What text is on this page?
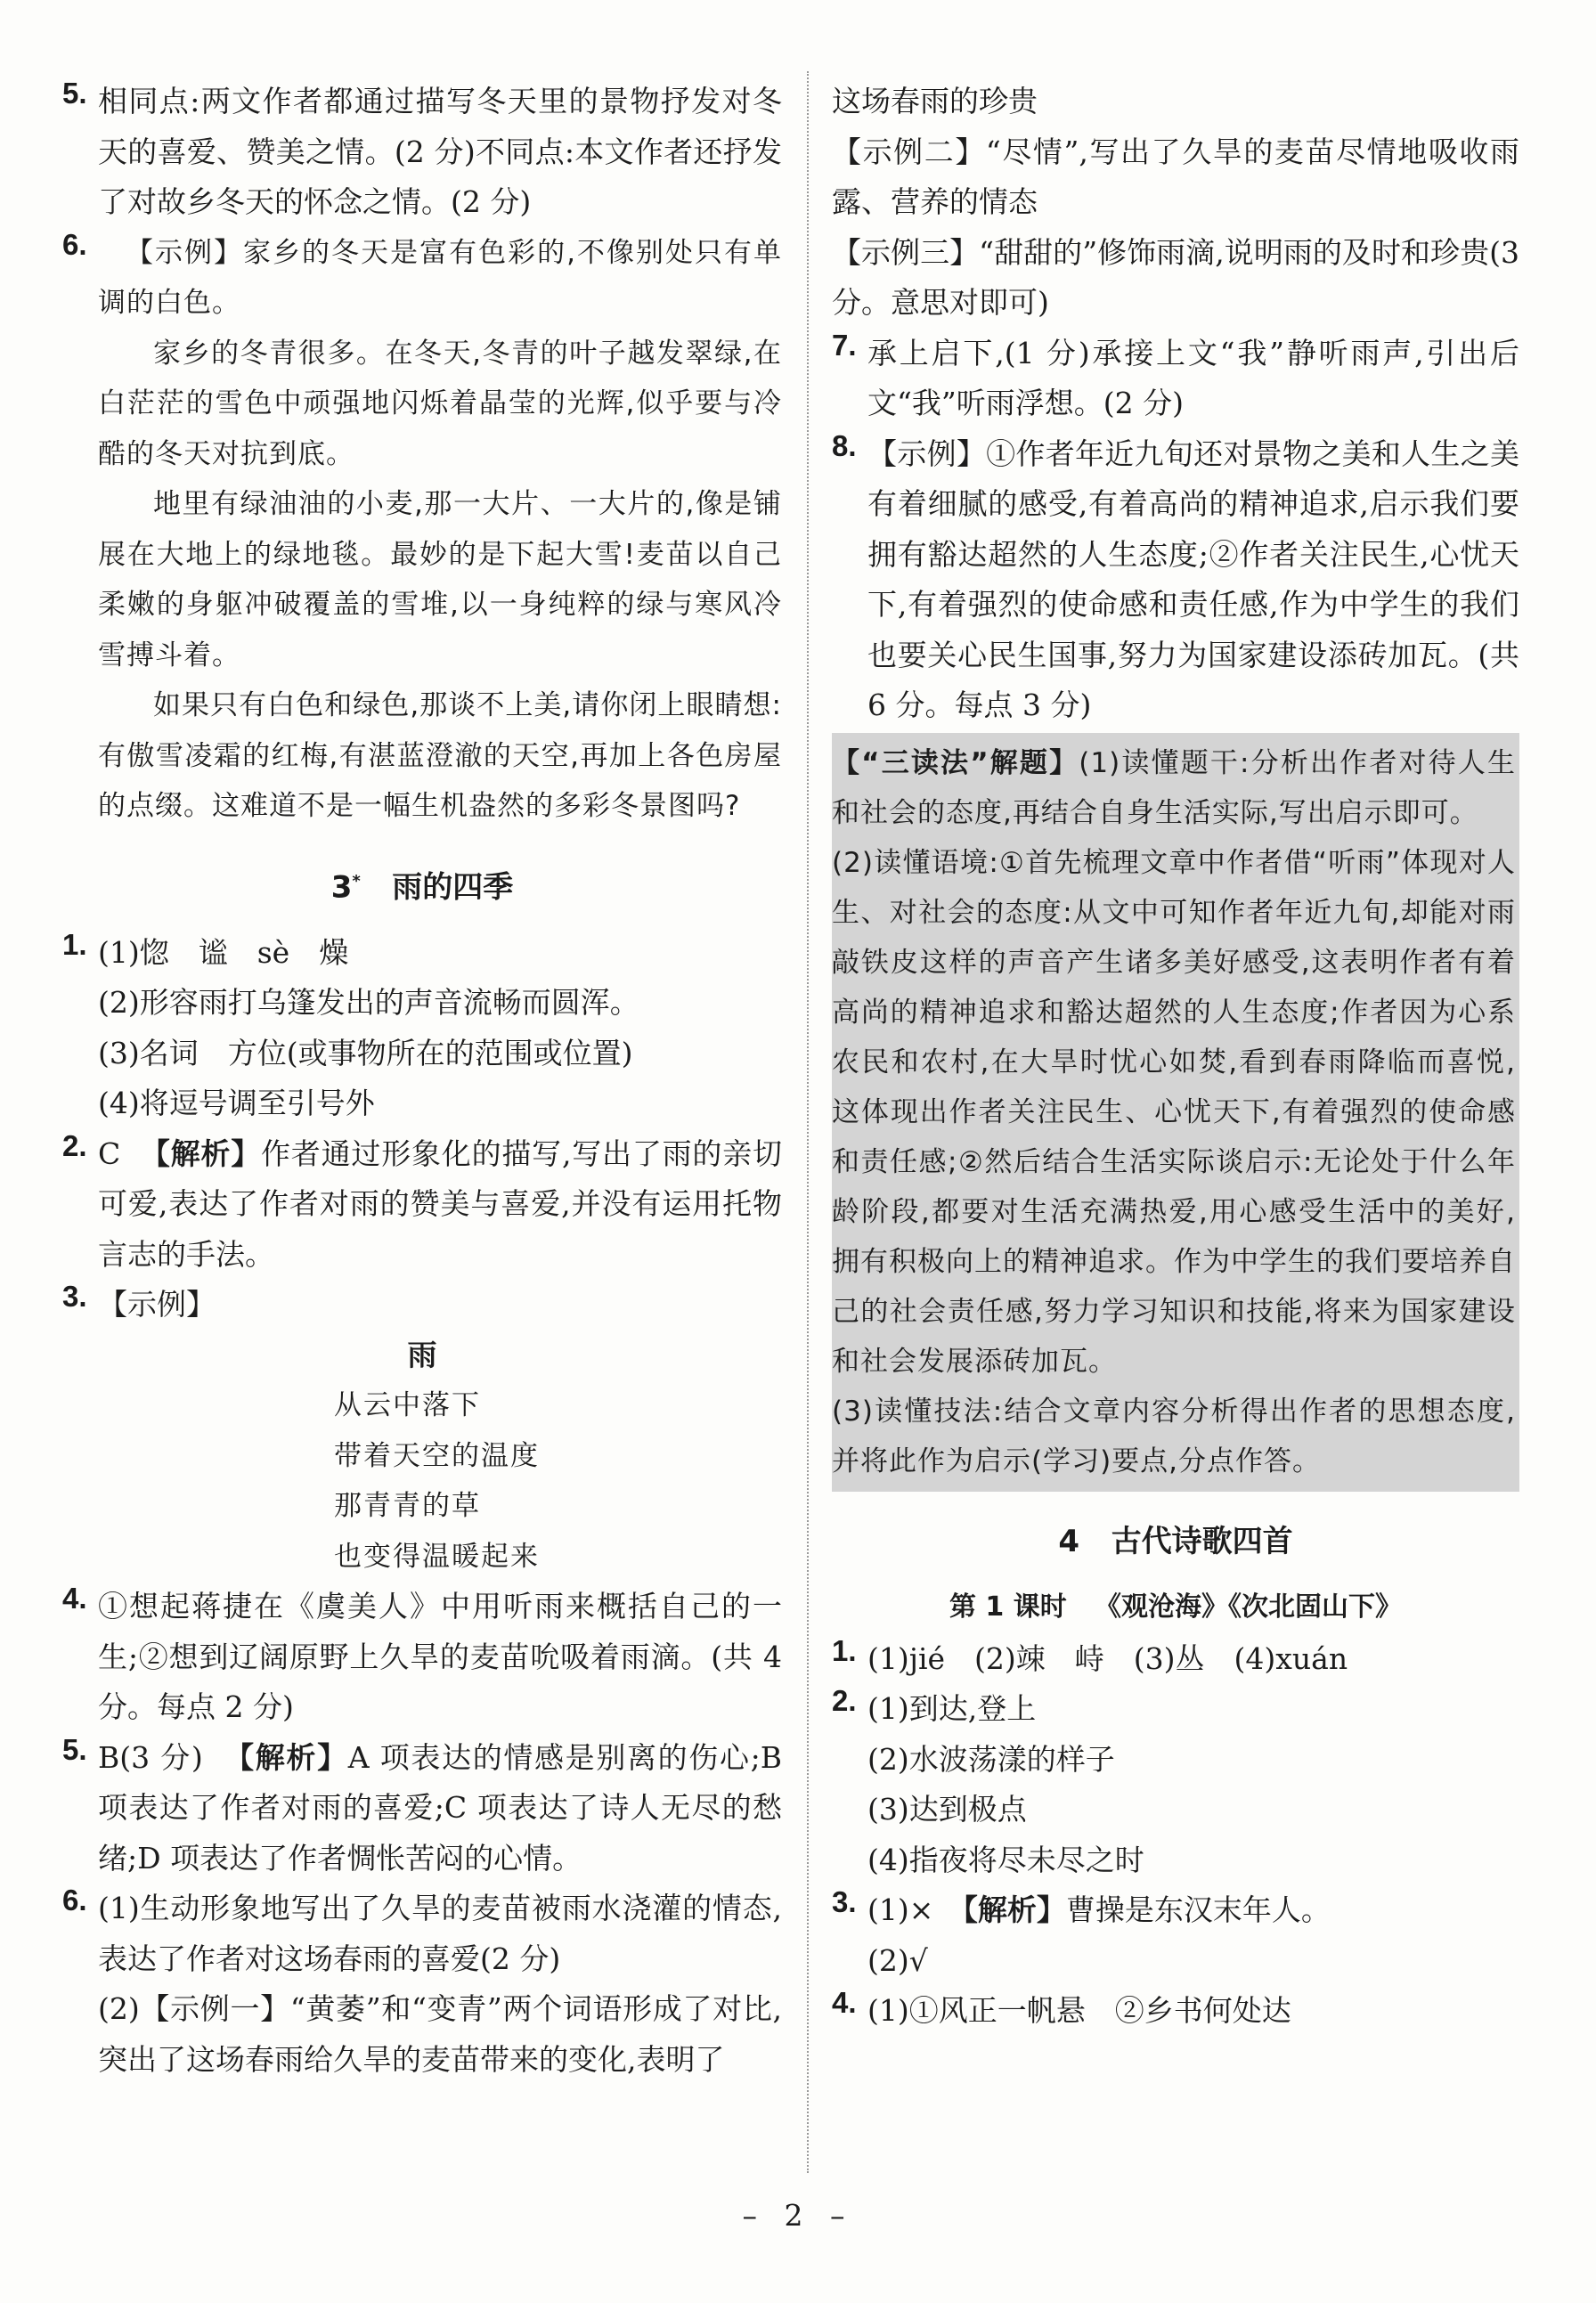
5. 相同点:两文作者都通过描写冬天里的景物抒发对冬天的喜爱、赞美之情。(2 分)不同点:本文作者还抒发了对故乡冬天的怀念之情。(2 分)

6.	【示例】家乡的冬天是富有色彩的,不像别处只有单调的白色。

家乡的冬青很多。在冬天,冬青的叶子越发翠绿,在白茫茫的雪色中顽强地闪烁着晶莹的光辉,似乎要与冷酷的冬天对抗到底。

地里有绿油油的小麦,那一大片、一大片的,像是铺展在大地上的绿地毯。最妙的是下起大雪!麦苗以自己柔嫩的身躯冲破覆盖的雪堆,以一身纯粹的绿与寒风冷雪搏斗着。

如果只有白色和绿色,那谈不上美,请你闭上眼睛想:有傲雪凌霜的红梅,有湛蓝澄澈的天空,再加上各色房屋的点缀。这难道不是一幅生机盎然的多彩冬景图吗?

3* 雨的四季
1. (1)惚　谧　sè　燥

(2)形容雨打乌篷发出的声音流畅而圆浑。

(3)名词　方位(或事物所在的范围或位置)

(4)将逗号调至引号外

2. C 【解析】作者通过形象化的描写,写出了雨的亲切可爱,表达了作者对雨的赞美与喜爱,并没有运用托物言志的手法。

3. 【示例】

雨

从云中落下

带着天空的温度

那青青的草

也变得温暖起来

4. ①想起蒋捷在《虞美人》中用听雨来概括自己的一生;②想到辽阔原野上久旱的麦苗吮吸着雨滴。(共 4 分。每点 2 分)

5. B(3 分) 【解析】A 项表达的情感是别离的伤心;B 项表达了作者对雨的喜爱;C 项表达了诗人无尽的愁绪;D 项表达了作者惆怅苦闷的心情。

6. (1)生动形象地写出了久旱的麦苗被雨水浇灌的情态,表达了作者对这场春雨的喜爱(2 分)

(2)【示例一】“黄萎”和“变青”两个词语形成了对比,突出了这场春雨给久旱的麦苗带来的变化,表明了

这场春雨的珍贵

【示例二】“尽情”,写出了久旱的麦苗尽情地吸收雨露、营养的情态

【示例三】“甜甜的”修饰雨滴,说明雨的及时和珍贵(3 分。意思对即可)

7. 承上启下,(1 分)承接上文“我”静听雨声,引出后文“我”听雨浮想。(2 分)

8. 【示例】①作者年近九旬还对景物之美和人生之美有着细腻的感受,有着高尚的精神追求,启示我们要拥有豁达超然的人生态度;②作者关注民生,心忧天下,有着强烈的使命感和责任感,作为中学生的我们也要关心民生国事,努力为国家建设添砖加瓦。(共 6 分。每点 3 分)

【“三读法”解题】(1)读懂题干:分析出作者对待人生和社会的态度,再结合自身生活实际,写出启示即可。

(2)读懂语境:①首先梳理文章中作者借“听雨”体现对人生、对社会的态度:从文中可知作者年近九旬,却能对雨敲铁皮这样的声音产生诸多美好感受,这表明作者有着高尚的精神追求和豁达超然的人生态度;作者因为心系农民和农村,在大旱时忧心如焚,看到春雨降临而喜悦,这体现出作者关注民生、心忧天下,有着强烈的使命感和责任感;②然后结合生活实际谈启示:无论处于什么年龄阶段,都要对生活充满热爱,用心感受生活中的美好,拥有积极向上的精神追求。作为中学生的我们要培养自己的社会责任感,努力学习知识和技能,将来为国家建设和社会发展添砖加瓦。

(3)读懂技法:结合文章内容分析得出作者的思想态度,并将此作为启示(学习)要点,分点作答。

4 古代诗歌四首
第 1 课时 《观沧海》《次北固山下》
1. (1)jié　(2)竦　峙　(3)丛　(4)xuán

2. (1)到达,登上

(2)水波荡漾的样子

(3)达到极点

(4)指夜将尽未尽之时

3. (1)×　【解析】曹操是东汉末年人。

(2)√

4. (1)①风正一帆悬　②乡书何处达

– 2 –
